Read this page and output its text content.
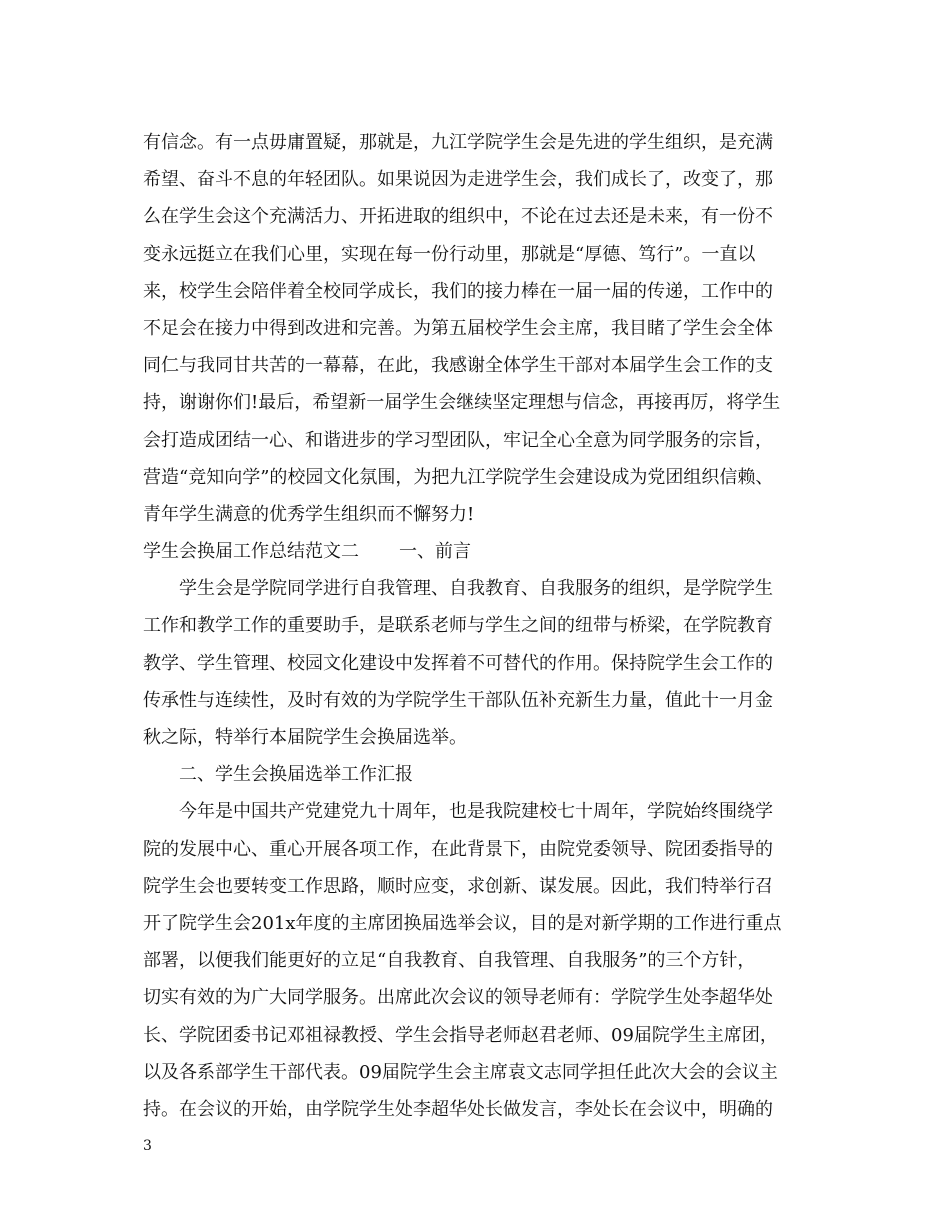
有信念。有一点毋庸置疑，那就是，九江学院学生会是先进的学生组织，是充满
希望、奋斗不息的年轻团队。如果说因为走进学生会，我们成长了，改变了，那
么在学生会这个充满活力、开拓进取的组织中，不论在过去还是未来，有一份不
变永远挺立在我们心里，实现在每一份行动里，那就是“厚德、笃行”。一直以
来，校学生会陪伴着全校同学成长，我们的接力棒在一届一届的传递，工作中的
不足会在接力中得到改进和完善。为第五届校学生会主席，我目睹了学生会全体
同仁与我同甘共苦的一幕幕，在此，我感谢全体学生干部对本届学生会工作的支
持，谢谢你们!最后，希望新一届学生会继续坚定理想与信念，再接再厉，将学生
会打造成团结一心、和谐进步的学习型团队，牢记全心全意为同学服务的宗旨，
营造“竞知向学”的校园文化氛围，为把九江学院学生会建设成为党团组织信赖、
青年学生满意的优秀学生组织而不懈努力!
学生会换届工作总结范文二 一、前言
学生会是学院同学进行自我管理、自我教育、自我服务的组织，是学院学生
工作和教学工作的重要助手，是联系老师与学生之间的纽带与桥梁，在学院教育
教学、学生管理、校园文化建设中发挥着不可替代的作用。保持院学生会工作的
传承性与连续性，及时有效的为学院学生干部队伍补充新生力量，值此十一月金
秋之际，特举行本届院学生会换届选举。
二、学生会换届选举工作汇报
今年是中国共产党建党九十周年，也是我院建校七十周年，学院始终围绕学
院的发展中心、重心开展各项工作，在此背景下，由院党委领导、院团委指导的
院学生会也要转变工作思路，顺时应变，求创新、谋发展。因此，我们特举行召
开了院学生会201x年度的主席团换届选举会议，目的是对新学期的工作进行重点
部署，以便我们能更好的立足“自我教育、自我管理、自我服务”的三个方针，
切实有效的为广大同学服务。出席此次会议的领导老师有：学院学生处李超华处
长、学院团委书记邓祖禄教授、学生会指导老师赵君老师、09届院学生主席团，
以及各系部学生干部代表。09届院学生会主席袁文志同学担任此次大会的会议主
持。在会议的开始，由学院学生处李超华处长做发言，李处长在会议中，明确的
3
